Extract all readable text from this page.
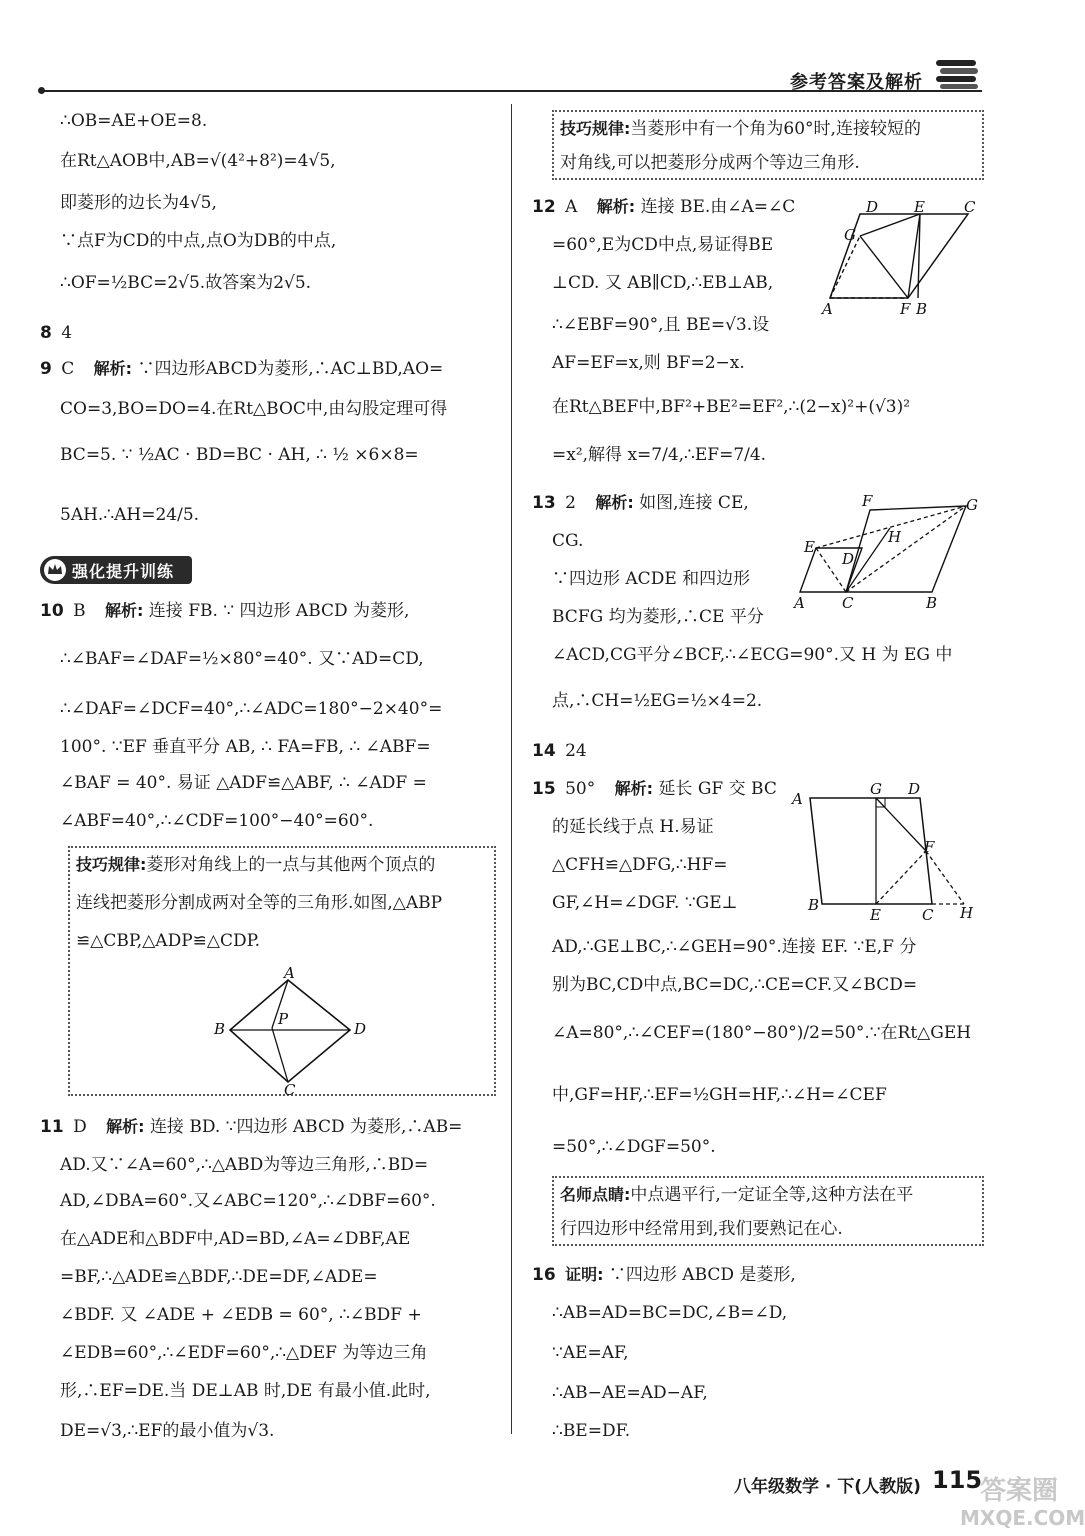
参考答案及解析
∴OB=AE+OE=8.
在Rt△AOB中,AB=√(4²+8²)=4√5,
即菱形的边长为4√5,
∵点F为CD的中点,点O为DB的中点,
∴OF=½BC=2√5.故答案为2√5.
8 4
9 C 解析: ∵四边形ABCD为菱形,∴AC⊥BD,AO=
CO=3,BO=DO=4.在Rt△BOC中,由勾股定理可得
BC=5. ∵ ½AC · BD=BC · AH, ∴ ½ ×6×8=
5AH.∴AH=24/5.
强化提升训练
10 B 解析: 连接 FB. ∵ 四边形 ABCD 为菱形,
∴∠BAF=∠DAF=½×80°=40°. 又∵AD=CD,
∴∠DAF=∠DCF=40°,∴∠ADC=180°−2×40°=
100°. ∵EF 垂直平分 AB, ∴ FA=FB, ∴ ∠ABF=
∠BAF = 40°. 易证 △ADF≌△ABF, ∴ ∠ADF =
∠ABF=40°,∴∠CDF=100°−40°=60°.
技巧规律:菱形对角线上的一点与其他两个顶点的
连线把菱形分割成两对全等的三角形.如图,△ABP
≌△CBP,△ADP≌△CDP.
A
B
C
D
P
11 D 解析: 连接 BD. ∵四边形 ABCD 为菱形,∴AB=
AD.又∵∠A=60°,∴△ABD为等边三角形,∴BD=
AD,∠DBA=60°.又∠ABC=120°,∴∠DBF=60°.
在△ADE和△BDF中,AD=BD,∠A=∠DBF,AE
=BF,∴△ADE≌△BDF,∴DE=DF,∠ADE=
∠BDF. 又 ∠ADE + ∠EDB = 60°, ∴∠BDF +
∠EDB=60°,∴∠EDF=60°,∴△DEF 为等边三角
形,∴EF=DE.当 DE⊥AB 时,DE 有最小值.此时,
DE=√3,∴EF的最小值为√3.
技巧规律:当菱形中有一个角为60°时,连接较短的
对角线,可以把菱形分成两个等边三角形.
12 A 解析: 连接 BE.由∠A=∠C
=60°,E为CD中点,易证得BE
⊥CD. 又 AB∥CD,∴EB⊥AB,
∴∠EBF=90°,且 BE=√3.设
AF=EF=x,则 BF=2−x.
在Rt△BEF中,BF²+BE²=EF²,∴(2−x)²+(√3)²
=x²,解得 x=7/4,∴EF=7/4.
D E	C
G
A	F B
13 2 解析: 如图,连接 CE,
CG.
∵四边形 ACDE 和四边形
BCFG 均为菱形,∴CE 平分
∠ACD,CG平分∠BCF,∴∠ECG=90°.又 H 为 EG 中
点,∴CH=½EG=½×4=2.
F	G
E
D
H
A C	B
14 24
15 50° 解析: 延长 GF 交 BC
的延长线于点 H.易证
△CFH≌△DFG,∴HF=
GF,∠H=∠DGF. ∵GE⊥
AD,∴GE⊥BC,∴∠GEH=90°.连接 EF. ∵E,F 分
别为BC,CD中点,BC=DC,∴CE=CF.又∠BCD=
∠A=80°,∴∠CEF=(180°−80°)/2=50°.∵在Rt△GEH
中,GF=HF,∴EF=½GH=HF,∴∠H=∠CEF
=50°,∴∠DGF=50°.
G D
A
F
B
E	C H
名师点睛:中点遇平行,一定证全等,这种方法在平
行四边形中经常用到,我们要熟记在心.
16 证明: ∵四边形 ABCD 是菱形,
∴AB=AD=BC=DC,∠B=∠D,
∵AE=AF,
∴AB−AE=AD−AF,
∴BE=DF.
八年级数学 · 下(人教版) 115
答案圈
MXQE.COM
